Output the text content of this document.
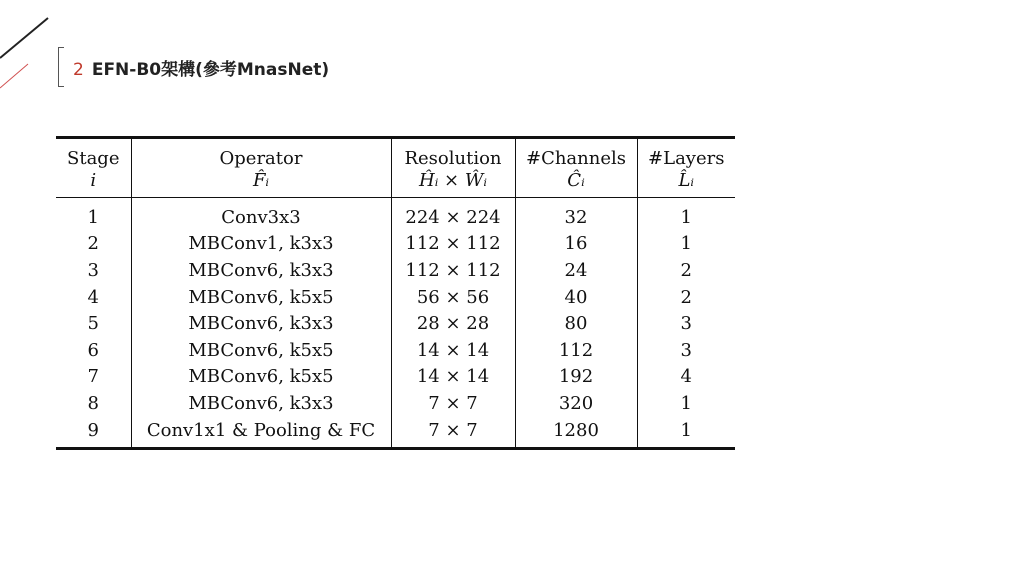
2 EFN-B0架構(參考MnasNet)
Stage	Operator	Resolution	#Channels	#Layers
i	F̂ᵢ	Ĥᵢ × Ŵᵢ	Ĉᵢ	L̂ᵢ
1	Conv3x3	224 × 224	32	1
2	MBConv1, k3x3	112 × 112	16	1
3	MBConv6, k3x3	112 × 112	24	2
4	MBConv6, k5x5	56 × 56	40	2
5	MBConv6, k3x3	28 × 28	80	3
6	MBConv6, k5x5	14 × 14	112	3
7	MBConv6, k5x5	14 × 14	192	4
8	MBConv6, k3x3	7 × 7	320	1
9	Conv1x1 & Pooling & FC	7 × 7	1280	1
